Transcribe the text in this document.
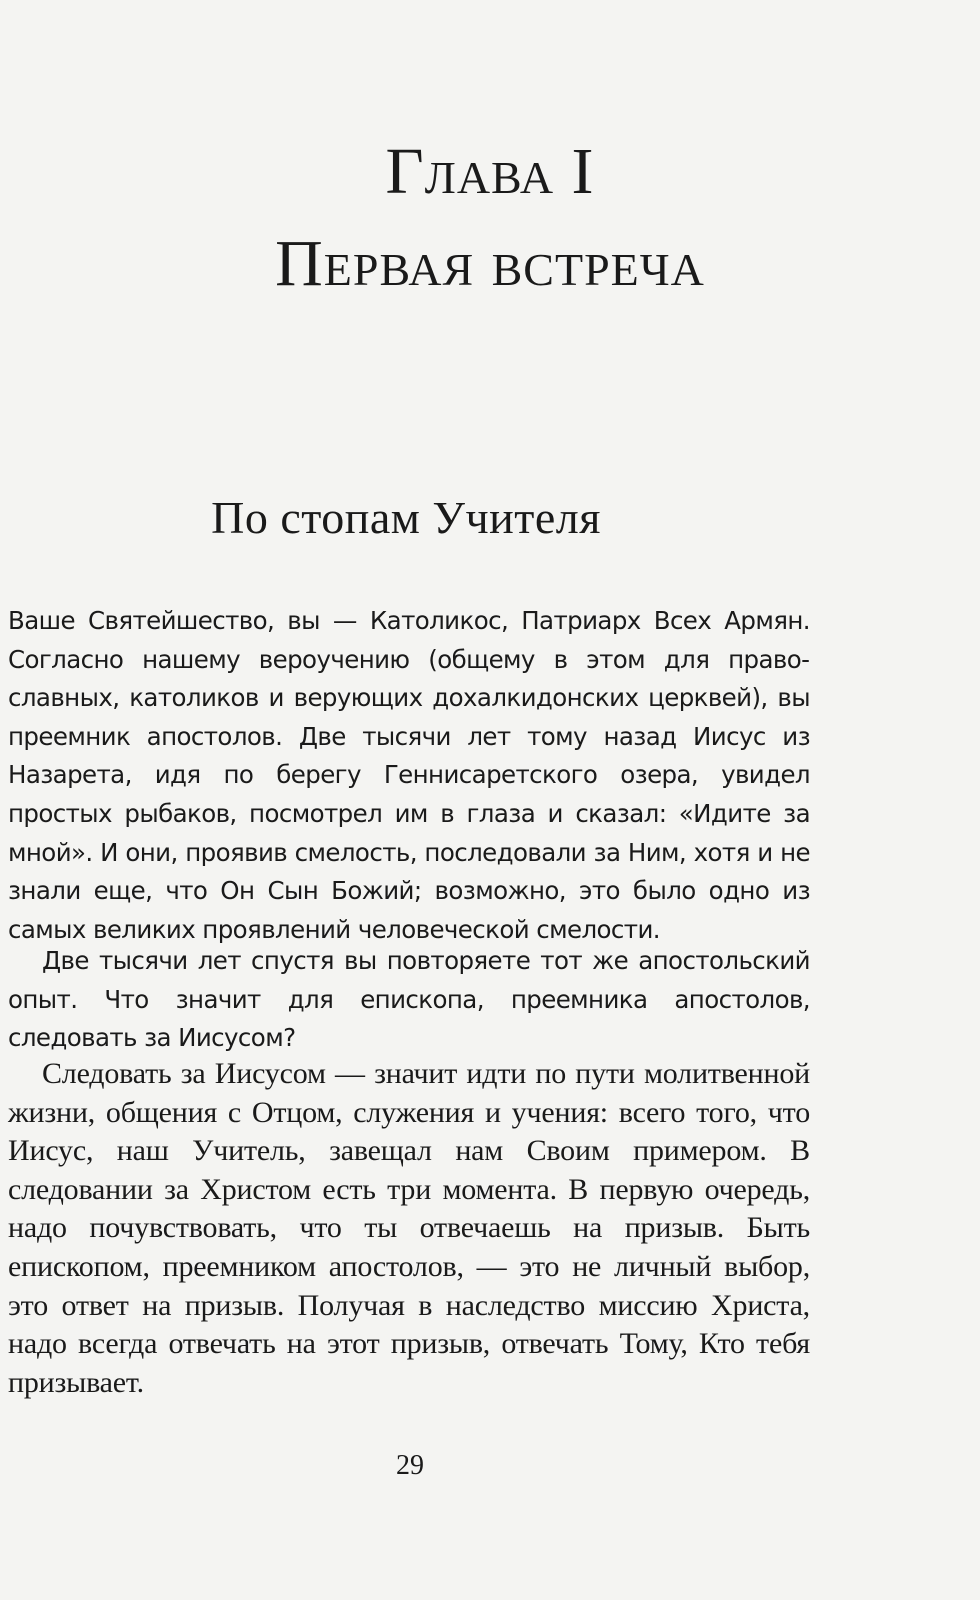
Глава I
Первая встреча
По стопам Учителя

Ваше Святейшество, вы — Католикос, Патриарх Всех Армян. Согласно нашему вероучению (общему в этом для православных, католиков и верующих дохалкидонских церквей), вы преемник апостолов. Две тысячи лет тому назад Иисус из Назарета, идя по берегу Геннисаретского озера, увидел простых рыбаков, посмотрел им в глаза и сказал: «Идите за мной». И они, проявив смелость, последовали за Ним, хотя и не знали еще, что Он Сын Божий; возможно, это было одно из самых великих проявлений человеческой смелости.

Две тысячи лет спустя вы повторяете тот же апостольский опыт. Что значит для епископа, преемника апостолов, следовать за Иисусом?

Следовать за Иисусом — значит идти по пути молитвенной жизни, общения с Отцом, служения и учения: всего того, что Иисус, наш Учитель, завещал нам Своим примером. В следовании за Христом есть три момента. В первую очередь, надо почувствовать, что ты отвечаешь на призыв. Быть епископом, преемником апостолов, — это не личный выбор, это ответ на призыв. Получая в наследство миссию Христа, надо всегда отвечать на этот призыв, отвечать Тому, Кто тебя призывает.

29
